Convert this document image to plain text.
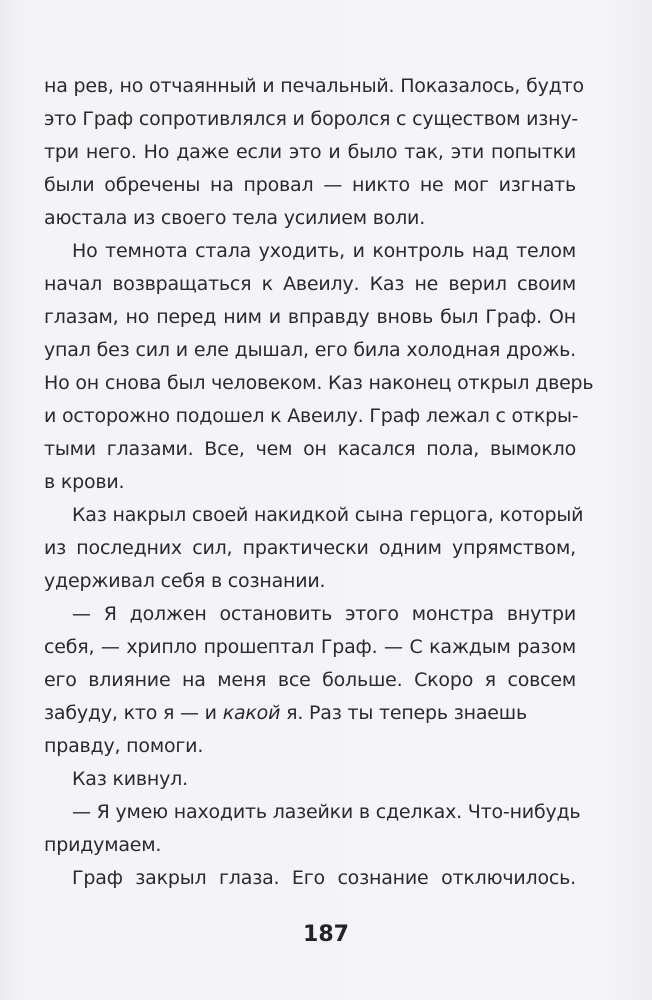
на рев, но отчаянный и печальный. Показалось, будто
это Граф сопротивлялся и боролся с существом изну-
три него. Но даже если это и было так, эти попытки
были обречены на провал — никто не мог изгнать
аюстала из своего тела усилием воли.
Но темнота стала уходить, и контроль над телом
начал возвращаться к Авеилу. Каз не верил своим
глазам, но перед ним и вправду вновь был Граф. Он
упал без сил и еле дышал, его била холодная дрожь.
Но он снова был человеком. Каз наконец открыл дверь
и осторожно подошел к Авеилу. Граф лежал с откры-
тыми глазами. Все, чем он касался пола, вымокло
в крови.
Каз накрыл своей накидкой сына герцога, который
из последних сил, практически одним упрямством,
удерживал себя в сознании.
— Я должен остановить этого монстра внутри
себя, — хрипло прошептал Граф. — С каждым разом
его влияние на меня все больше. Скоро я совсем
забуду, кто я — и какой я. Раз ты теперь знаешь
правду, помоги.
Каз кивнул.
— Я умею находить лазейки в сделках. Что-нибудь
придумаем.
Граф закрыл глаза. Его сознание отключилось.
187
